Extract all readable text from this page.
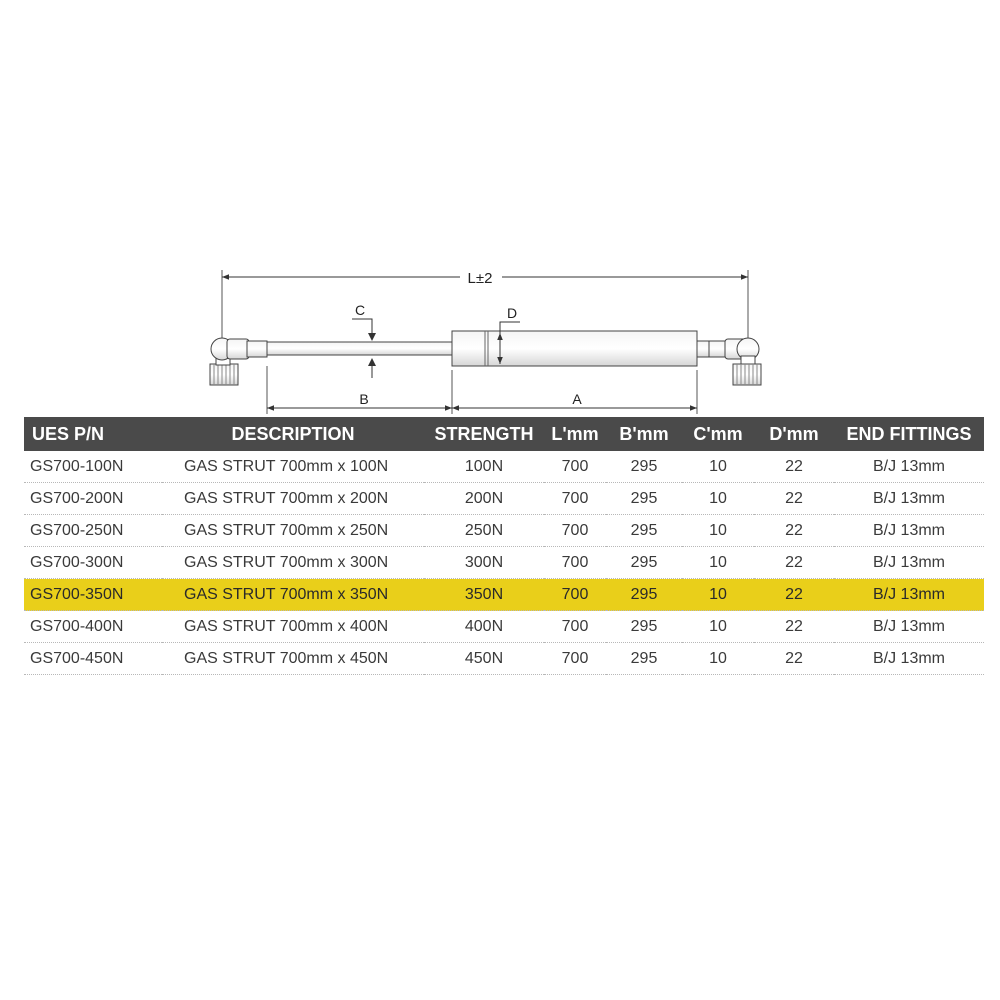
L±2
C	D
B	A
UES P/N	DESCRIPTION	STRENGTH	L'mm	B'mm	C'mm	D'mm	END FITTINGS
GS700-100N	GAS STRUT 700mm x 100N	100N	700	295	10	22	B/J 13mm
GS700-200N	GAS STRUT 700mm x 200N	200N	700	295	10	22	B/J 13mm
GS700-250N	GAS STRUT 700mm x 250N	250N	700	295	10	22	B/J 13mm
GS700-300N	GAS STRUT 700mm x 300N	300N	700	295	10	22	B/J 13mm
GS700-350N	GAS STRUT 700mm x 350N	350N	700	295	10	22	B/J 13mm
GS700-400N	GAS STRUT 700mm x 400N	400N	700	295	10	22	B/J 13mm
GS700-450N	GAS STRUT 700mm x 450N	450N	700	295	10	22	B/J 13mm
